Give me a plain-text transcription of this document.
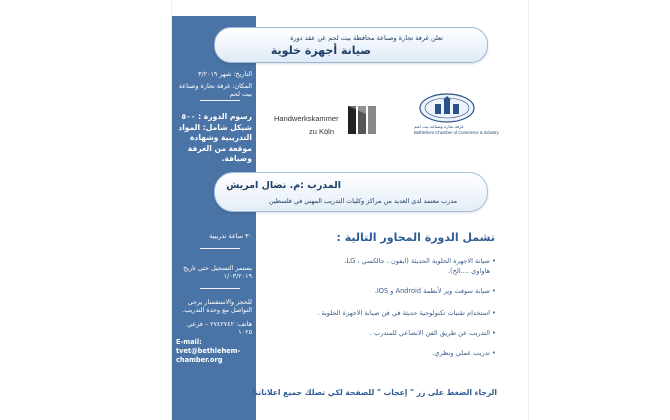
التاريخ: شهر ٣/٢٠١٩
المكان: غرفة تجارة وصناعة بيت لحم
رسوم الدورة : ٥٠٠ شيكل شامل: المواد التدريبية وشهادة موقعة من الغرفة وضيافة.
٣٠ ساعة تدريبية
يستمر التسجيل حتى تاريخ ١/٠٣/٢٠١٩
للحجز والاستفسار يرجى التواصل مع وحدة التدريب.
هاتف: ٢٧٤٢٧٤٢ – فرعي ١٠٢٥
E-mail: tvet@bethlehem-chamber.org
تعلن غرفة تجارة وصناعة محافظة بيت لحم عن عقد دورة
صيانة أجهزة خلوية
Handwerkskammer
zu Köln
غرفة تجارة وصناعة بيت لحم
Bethlehem Chamber of Commerce & Industry
المدرب :م. نضال امريش
مدرب معتمد لدى العديد من مراكز وكليات التدريب المهني في فلسطين
تشمل الدورة المحاور التالية :
•صيانة الاجهزة الخلوية الحديثة (ايفون ، جالكسي ، LG،
هاواوي ....الخ).
•صيانة سوفت وير لأنظمة Android و IOS.
•استخدام تقنيات تكنولوجية حديثة في فن صيانة الاجهزة الخلوية .
•التدريب عن طريق الفن الانصاعي للمتدرب .
•تدريب عملي ونظري.
الرجاء الضغط على زر " إعجاب " للصفحة لكي تصلك جميع اعلاناتنا
